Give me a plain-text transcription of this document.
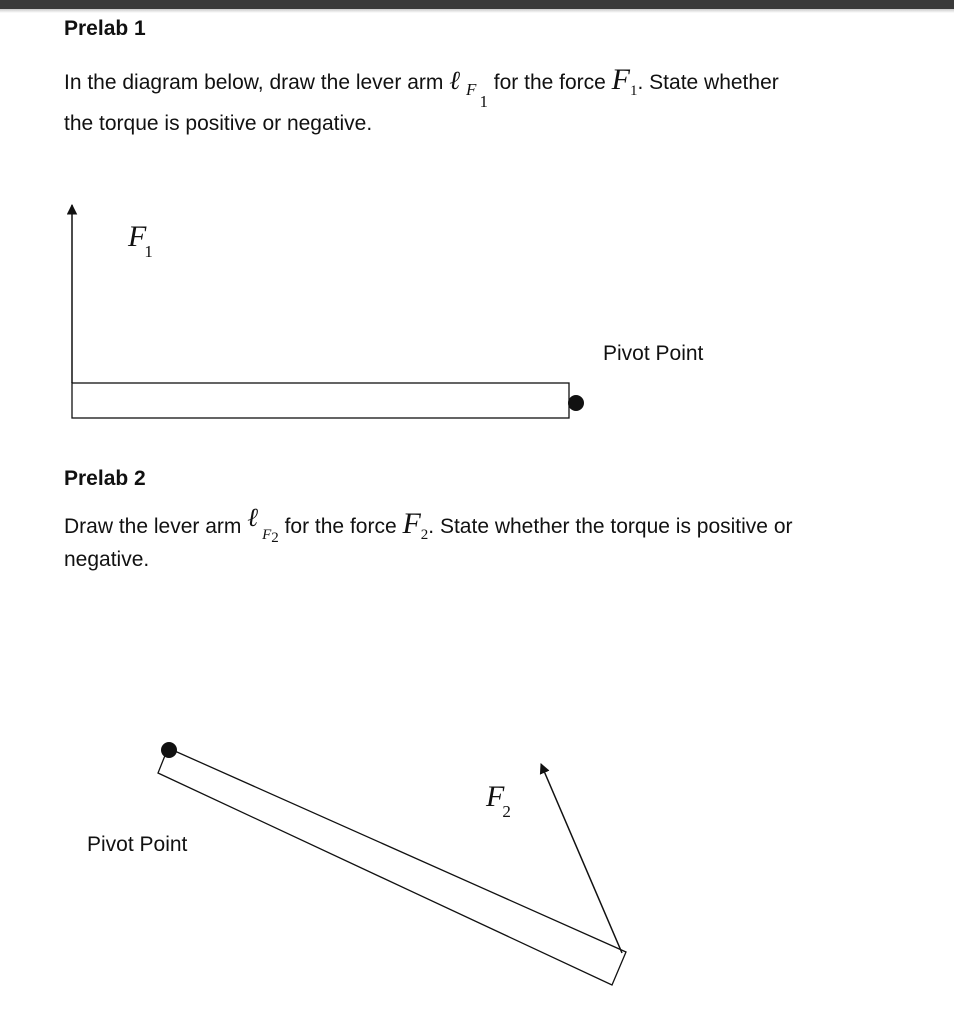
Prelab 1

In the diagram below, draw the lever arm ℓ $_{F1}$ for the force $F_1$. State whether

the torque is positive or negative.

$F_1$
Pivot Point
Prelab 2

Draw the lever arm ℓ$_{F2}$ for the force $F_2$. State whether the torque is positive or

negative.

$F_2$
Pivot Point
